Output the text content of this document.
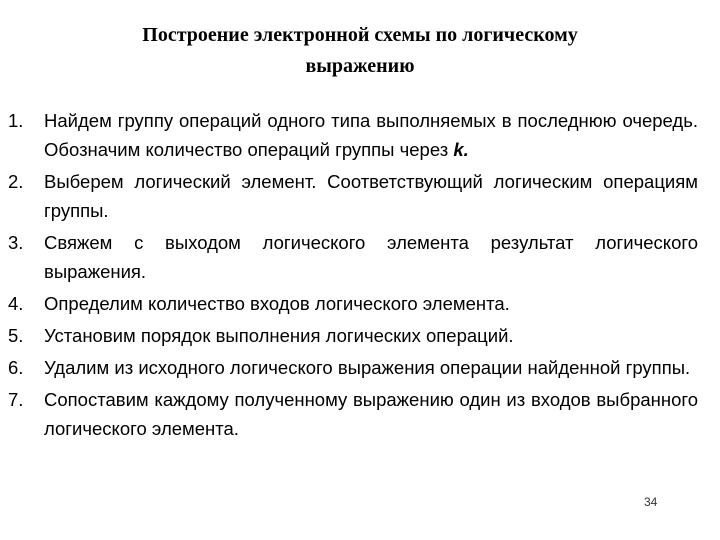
Построение электронной схемы по логическому
выражению
1.	Найдем группу операций одного типа выполняемых в последнюю очередь. Обозначим количество операций группы через k.
2.	Выберем логический элемент. Соответствующий логическим операциям группы.
3.	Свяжем с выходом логического элемента результат логического выражения.
4.	Определим количество входов логического элемента.
5.	Установим порядок выполнения логических операций.
6.	Удалим из исходного логического выражения операции найденной группы.
7.	Сопоставим каждому полученному выражению один из входов выбранного логического элемента.
34
